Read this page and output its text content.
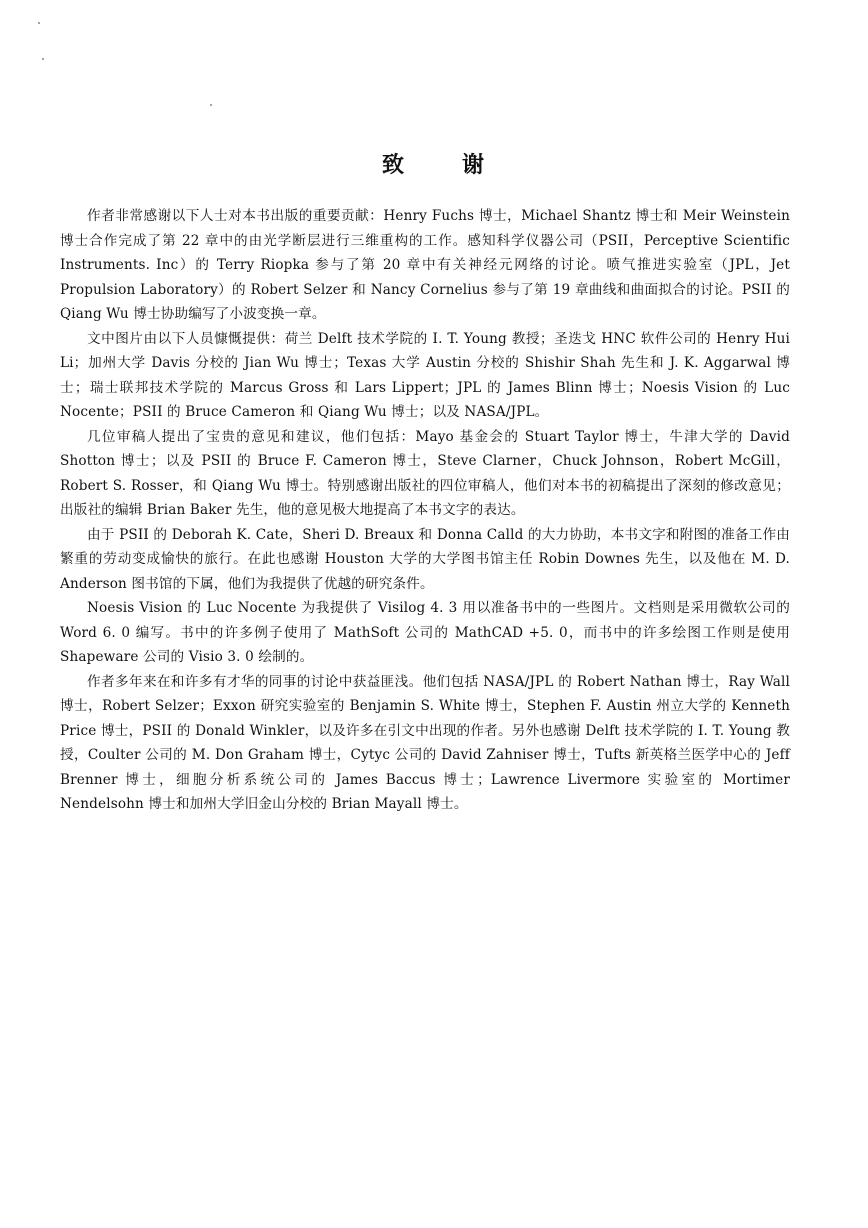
致	谢

作者非常感谢以下人士对本书出版的重要贡献：Henry Fuchs 博士，Michael Shantz 博士和 Meir Weinstein 博士合作完成了第 22 章中的由光学断层进行三维重构的工作。感知科学仪器公司（PSII，Perceptive Scientific Instruments. Inc）的 Terry Riopka 参与了第 20 章中有关神经元网络的讨论。喷气推进实验室（JPL，Jet Propulsion Laboratory）的 Robert Selzer 和 Nancy Cornelius 参与了第 19 章曲线和曲面拟合的讨论。PSII 的 Qiang Wu 博士协助编写了小波变换一章。

文中图片由以下人员慷慨提供：荷兰 Delft 技术学院的 I. T. Young 教授；圣迭戈 HNC 软件公司的 Henry Hui Li；加州大学 Davis 分校的 Jian Wu 博士；Texas 大学 Austin 分校的 Shishir Shah 先生和 J. K. Aggarwal 博士；瑞士联邦技术学院的 Marcus Gross 和 Lars Lippert；JPL 的 James Blinn 博士；Noesis Vision 的 Luc Nocente；PSII 的 Bruce Cameron 和 Qiang Wu 博士；以及 NASA/JPL。

几位审稿人提出了宝贵的意见和建议，他们包括：Mayo 基金会的 Stuart Taylor 博士，牛津大学的 David Shotton 博士；以及 PSII 的 Bruce F. Cameron 博士，Steve Clarner，Chuck Johnson，Robert McGill，Robert S. Rosser，和 Qiang Wu 博士。特别感谢出版社的四位审稿人，他们对本书的初稿提出了深刻的修改意见；出版社的编辑 Brian Baker 先生，他的意见极大地提高了本书文字的表达。

由于 PSII 的 Deborah K. Cate，Sheri D. Breaux 和 Donna Calld 的大力协助，本书文字和附图的准备工作由繁重的劳动变成愉快的旅行。在此也感谢 Houston 大学的大学图书馆主任 Robin Downes 先生，以及他在 M. D. Anderson 图书馆的下属，他们为我提供了优越的研究条件。

Noesis Vision 的 Luc Nocente 为我提供了 Visilog 4. 3 用以准备书中的一些图片。文档则是采用微软公司的 Word 6. 0 编写。书中的许多例子使用了 MathSoft 公司的 MathCAD +5. 0，而书中的许多绘图工作则是使用 Shapeware 公司的 Visio 3. 0 绘制的。

作者多年来在和许多有才华的同事的讨论中获益匪浅。他们包括 NASA/JPL 的 Robert Nathan 博士，Ray Wall 博士，Robert Selzer；Exxon 研究实验室的 Benjamin S. White 博士，Stephen F. Austin 州立大学的 Kenneth Price 博士，PSII 的 Donald Winkler，以及许多在引文中出现的作者。另外也感谢 Delft 技术学院的 I. T. Young 教授，Coulter 公司的 M. Don Graham 博士，Cytyc 公司的 David Zahniser 博士，Tufts 新英格兰医学中心的 Jeff Brenner 博士，细胞分析系统公司的 James Baccus 博士；Lawrence Livermore 实验室的 Mortimer Nendelsohn 博士和加州大学旧金山分校的 Brian Mayall 博士。
